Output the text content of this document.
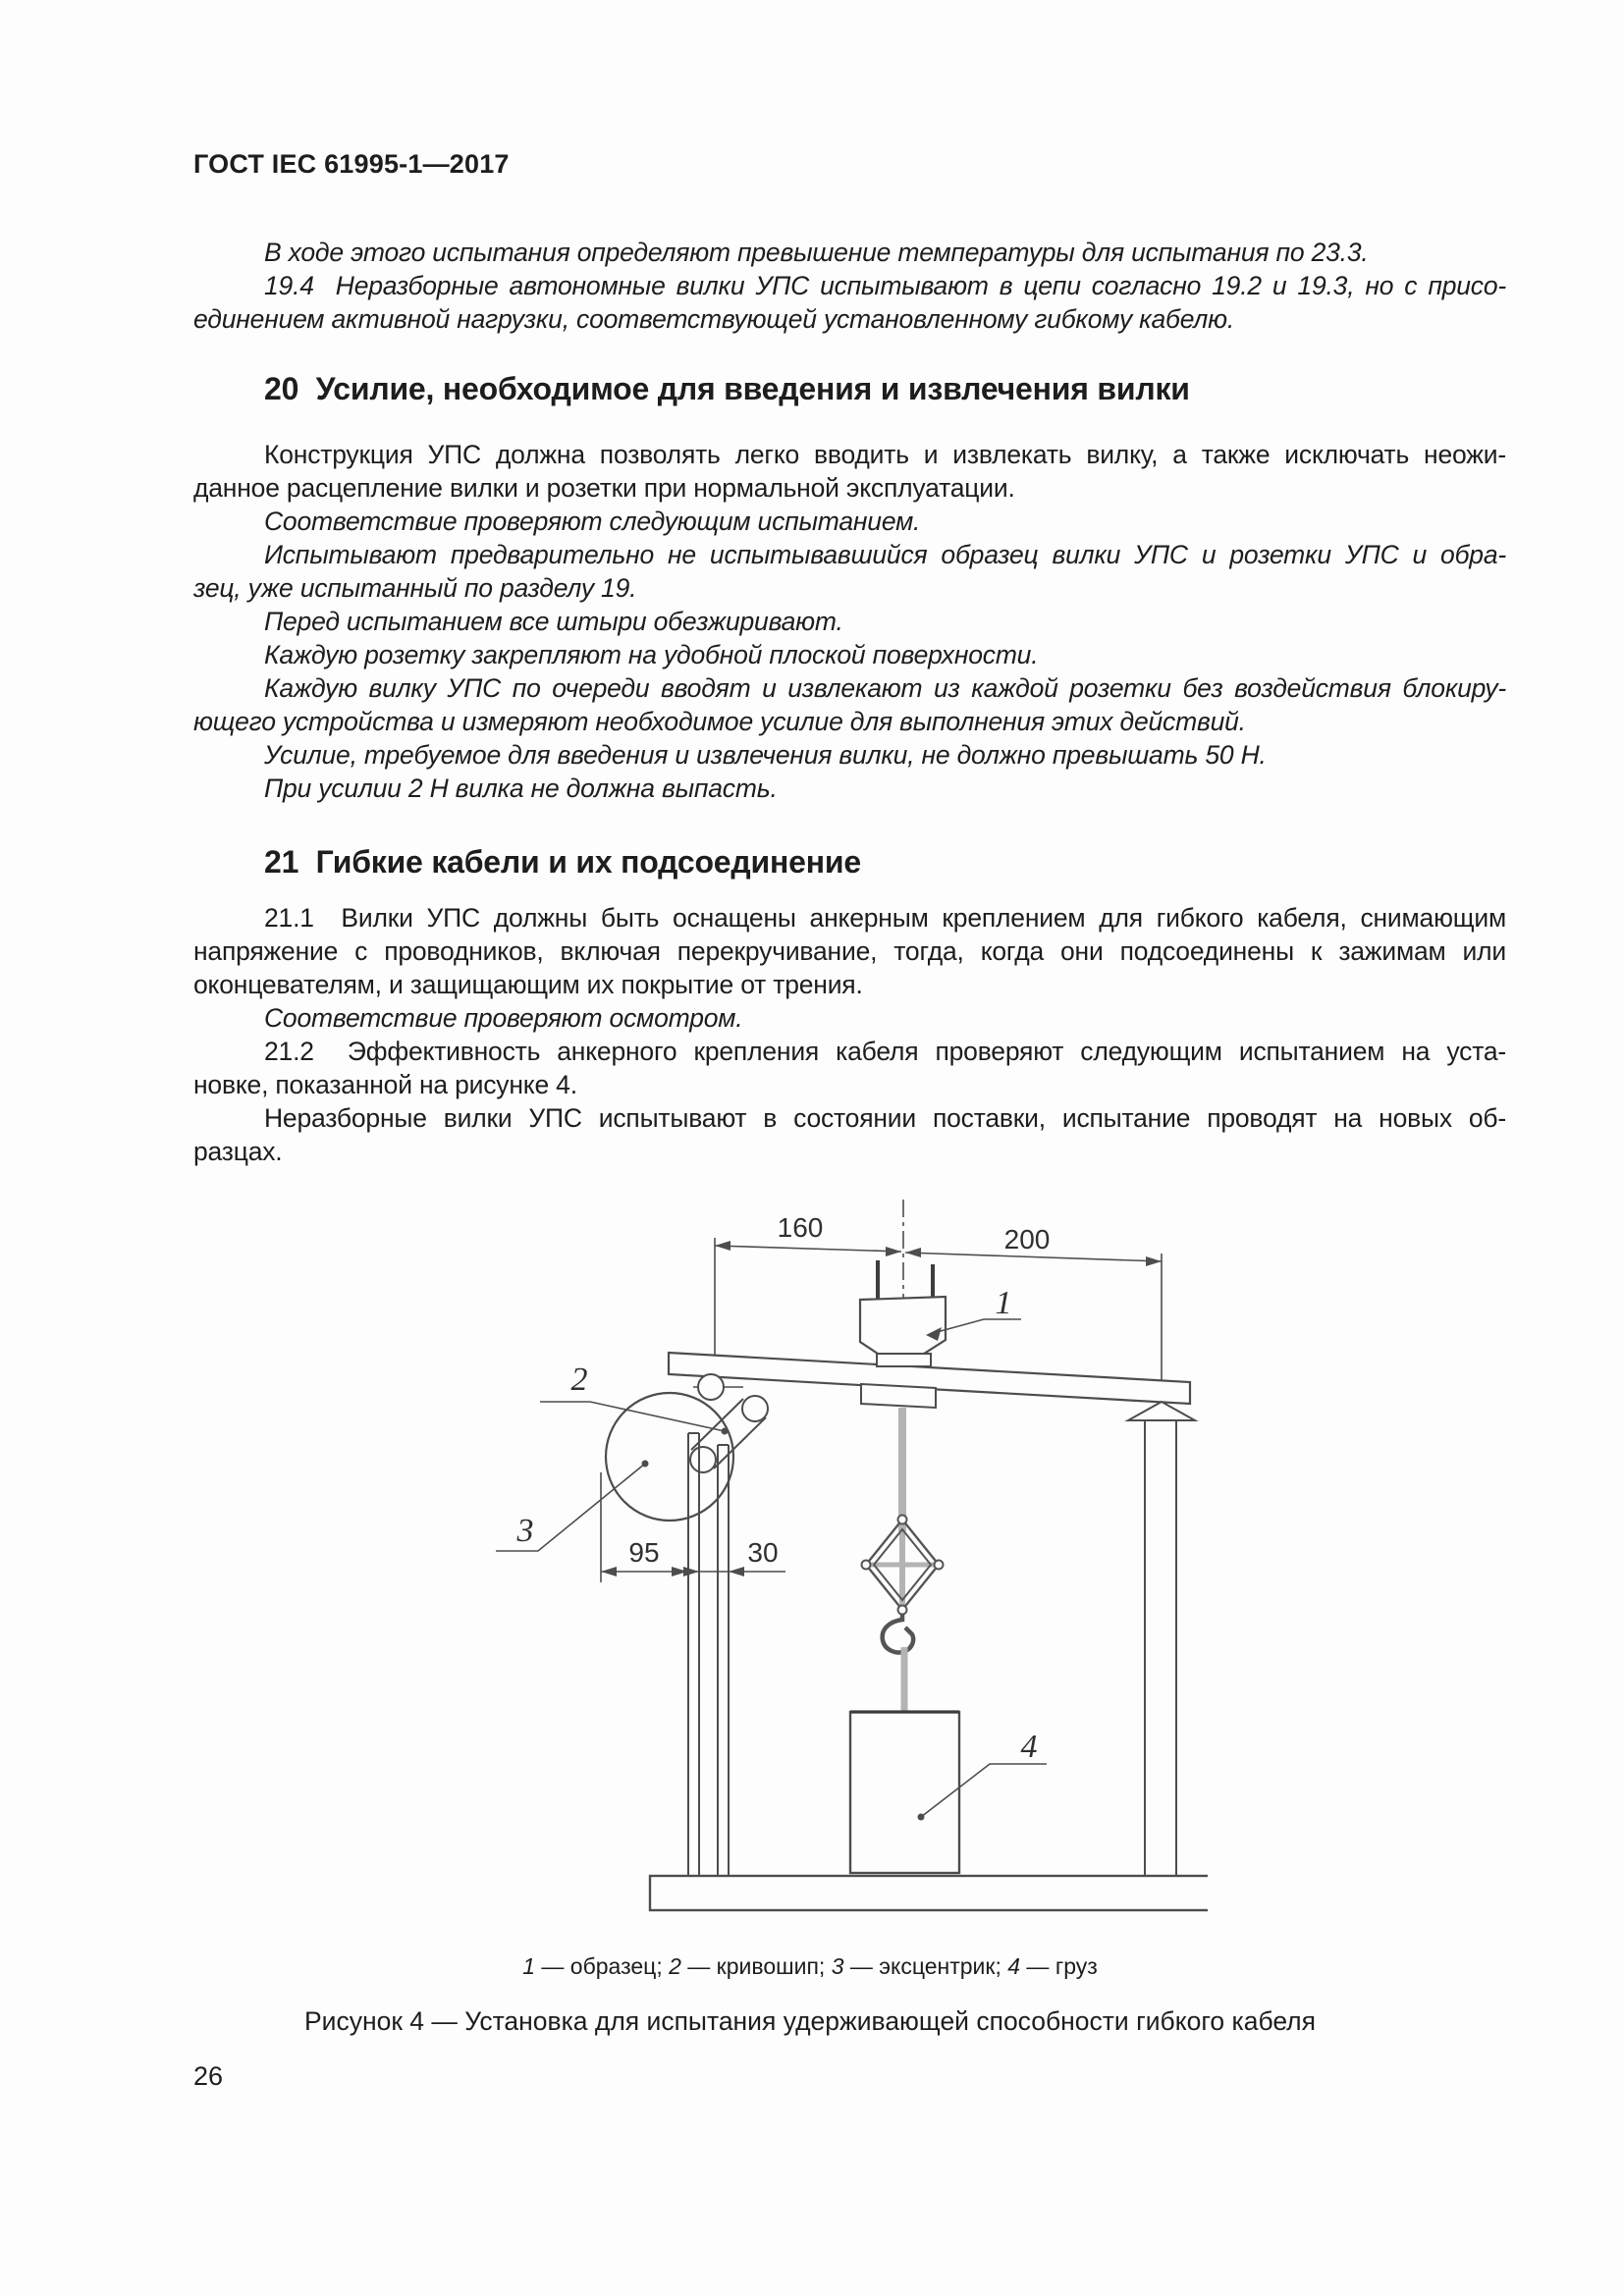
ГОСТ IEC 61995-1—2017
В ходе этого испытания определяют превышение температуры для испытания по 23.3.
19.4  Неразборные автономные вилки УПС испытывают в цепи согласно 19.2 и 19.3, но с присо-
единением активной нагрузки, соответствующей установленному гибкому кабелю.
20  Усилие, необходимое для введения и извлечения вилки
Конструкция УПС должна позволять легко вводить и извлекать вилку, а также исключать неожи-
данное расцепление вилки и розетки при нормальной эксплуатации.
Соответствие проверяют следующим испытанием.
Испытывают предварительно не испытывавшийся образец вилки УПС и розетки УПС и обра-
зец, уже испытанный по разделу 19.
Перед испытанием все штыри обезжиривают.
Каждую розетку закрепляют на удобной плоской поверхности.
Каждую вилку УПС по очереди вводят и извлекают из каждой розетки без воздействия блокиру-
ющего устройства и измеряют необходимое усилие для выполнения этих действий.
Усилие, требуемое для введения и извлечения вилки, не должно превышать 50 Н.
При усилии 2 Н вилка не должна выпасть.
21  Гибкие кабели и их подсоединение
21.1  Вилки УПС должны быть оснащены анкерным креплением для гибкого кабеля, снимающим
напряжение с проводников, включая перекручивание, тогда, когда они подсоединены к зажимам или
оконцевателям, и защищающим их покрытие от трения.
Соответствие проверяют осмотром.
21.2  Эффективность анкерного крепления кабеля проверяют следующим испытанием на уста-
новке, показанной на рисунке 4.
Неразборные вилки УПС испытывают в состоянии поставки, испытание проводят на новых об-
разцах.
160	200
95	30
1
2
3
4
1 — образец; 2 — кривошип; 3 — эксцентрик; 4 — груз
Рисунок 4 — Установка для испытания удерживающей способности гибкого кабеля
26
